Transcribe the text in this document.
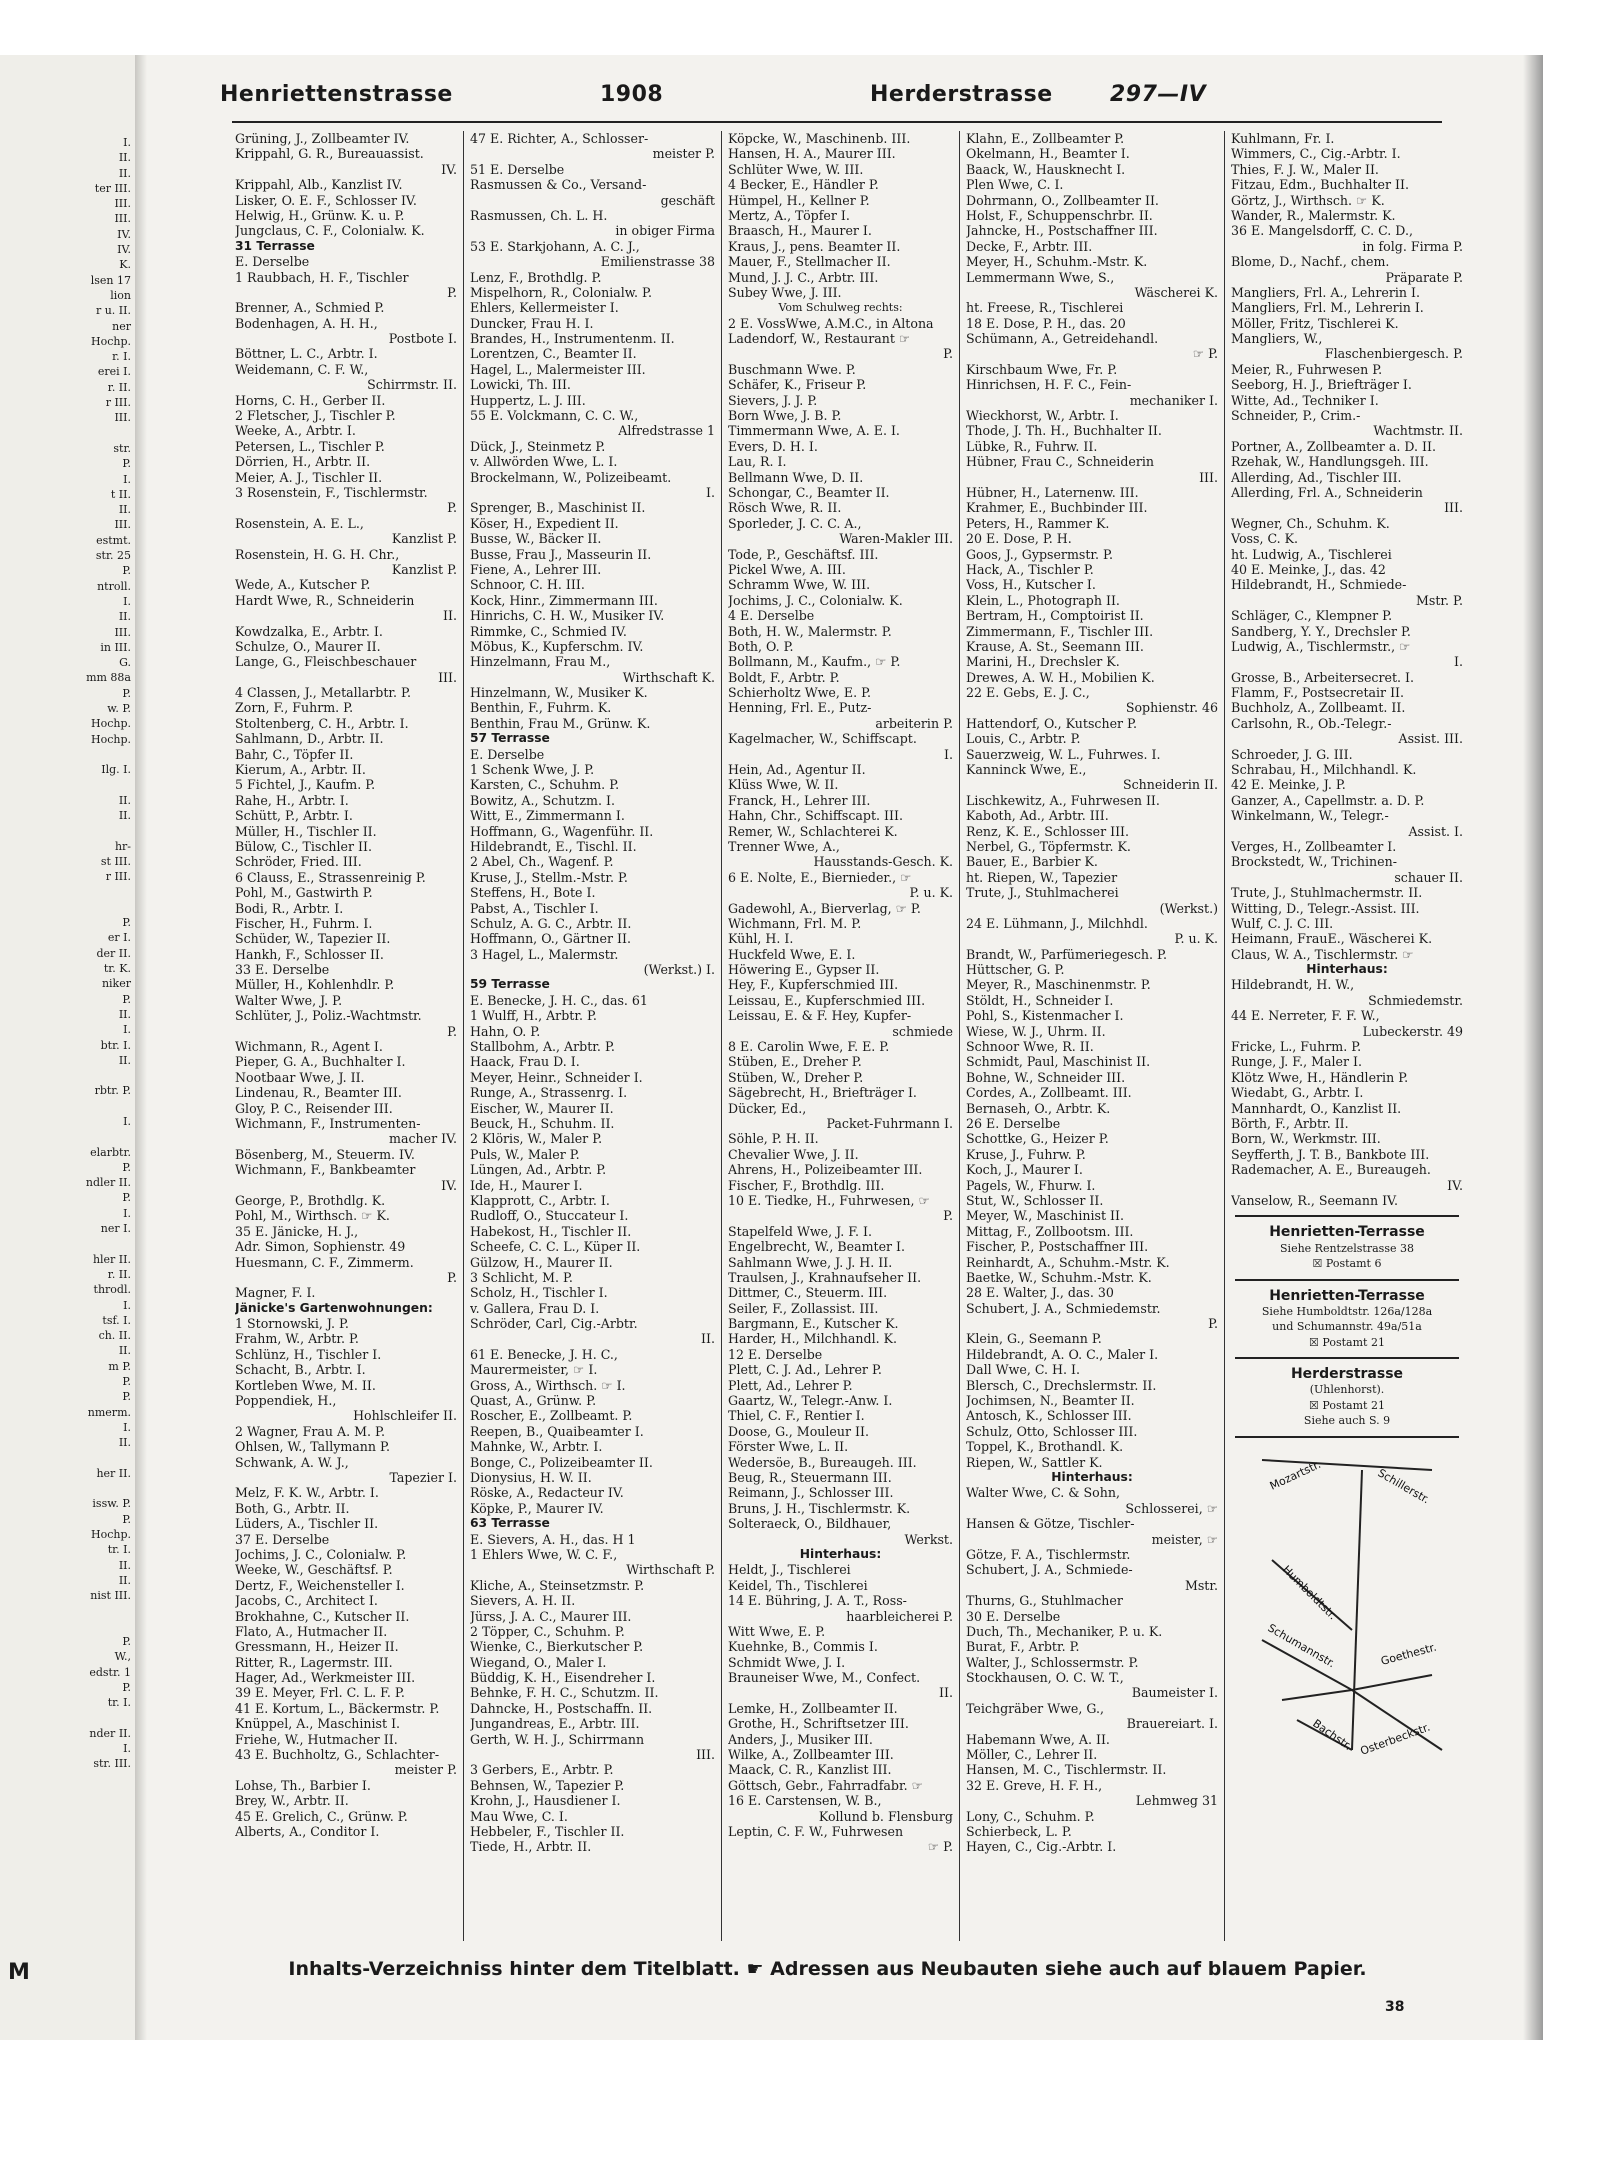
I.
II.
II.
ter III.
III.
III.
IV.
IV.
K.
lsen 17
lion
r u. II.
ner
Hochp.
r. I.
erei I.
r. II.
r III.
III.
str.
P.
I.
t II.
II.
III.
estmt.
str. 25
P.
ntroll.
I.
II.
III.
in III.
G.
mm 88a
P.
w. P.
Hochp.
Hochp.
Ilg. I.
II.
II.
hr-
st III.
r III.
P.
er I.
der II.
tr. K.
niker
P.
II.
I.
btr. I.
II.
rbtr. P.
I.
elarbtr.
P.
ndler II.
P.
I.
ner I.
hler II.
r. II.
throdl.
I.
tsf. I.
ch. II.
II.
m P.
P.
P.
nmerm.
I.
II.
her II.
issw. P.
P.
Hochp.
tr. I.
II.
II.
nist III.
P.
W.,
edstr. 1
P.
tr. I.
nder II.
I.
str. III.
Henriettenstrasse	1908	Herderstrasse	297—IV
Grüning, J., Zollbeamter IV.
Krippahl, G. R., Bureauassist.
IV.
Krippahl, Alb., Kanzlist IV.
Lisker, O. E. F., Schlosser IV.
Helwig, H., Grünw. K. u. P.
Jungclaus, C. F., Colonialw. K.
31 Terrasse
E. Derselbe
1 Raubbach, H. F., Tischler
P.
Brenner, A., Schmied P.
Bodenhagen, A. H. H.,
Postbote I.
Böttner, L. C., Arbtr. I.
Weidemann, C. F. W.,
Schirrmstr. II.
Horns, C. H., Gerber II.
2 Fletscher, J., Tischler P.
Weeke, A., Arbtr. I.
Petersen, L., Tischler P.
Dörrien, H., Arbtr. II.
Meier, A. J., Tischler II.
3 Rosenstein, F., Tischlermstr.
P.
Rosenstein, A. E. L.,
Kanzlist P.
Rosenstein, H. G. H. Chr.,
Kanzlist P.
Wede, A., Kutscher P.
Hardt Wwe, R., Schneiderin
II.
Kowdzalka, E., Arbtr. I.
Schulze, O., Maurer II.
Lange, G., Fleischbeschauer
III.
4 Classen, J., Metallarbtr. P.
Zorn, F., Fuhrm. P.
Stoltenberg, C. H., Arbtr. I.
Sahlmann, D., Arbtr. II.
Bahr, C., Töpfer II.
Kierum, A., Arbtr. II.
5 Fichtel, J., Kaufm. P.
Rahe, H., Arbtr. I.
Schütt, P., Arbtr. I.
Müller, H., Tischler II.
Bülow, C., Tischler II.
Schröder, Fried. III.
6 Clauss, E., Strassenreinig P.
Pohl, M., Gastwirth P.
Bodi, R., Arbtr. I.
Fischer, H., Fuhrm. I.
Schüder, W., Tapezier II.
Hankh, F., Schlosser II.
33 E. Derselbe
Müller, H., Kohlenhdlr. P.
Walter Wwe, J. P.
Schlüter, J., Poliz.-Wachtmstr.
P.
Wichmann, R., Agent I.
Pieper, G. A., Buchhalter I.
Nootbaar Wwe, J. II.
Lindenau, R., Beamter III.
Gloy, P. C., Reisender III.
Wichmann, F., Instrumenten-
macher IV.
Bösenberg, M., Steuerm. IV.
Wichmann, F., Bankbeamter
IV.
George, P., Brothdlg. K.
Pohl, M., Wirthsch. ☞ K.
35 E. Jänicke, H. J.,
Adr. Simon, Sophienstr. 49
Huesmann, C. F., Zimmerm.
P.
Magner, F. I.
Jänicke's Gartenwohnungen:
1 Stornowski, J. P.
Frahm, W., Arbtr. P.
Schlünz, H., Tischler I.
Schacht, B., Arbtr. I.
Kortleben Wwe, M. II.
Poppendiek, H.,
Hohlschleifer II.
2 Wagner, Frau A. M. P.
Ohlsen, W., Tallymann P.
Schwank, A. W. J.,
Tapezier I.
Melz, F. K. W., Arbtr. I.
Both, G., Arbtr. II.
Lüders, A., Tischler II.
37 E. Derselbe
Jochims, J. C., Colonialw. P.
Weeke, W., Geschäftsf. P.
Dertz, F., Weichensteller I.
Jacobs, C., Architect I.
Brokhahne, C., Kutscher II.
Flato, A., Hutmacher II.
Gressmann, H., Heizer II.
Ritter, R., Lagermstr. III.
Hager, Ad., Werkmeister III.
39 E. Meyer, Frl. C. L. F. P.
41 E. Kortum, L., Bäckermstr. P.
Knüppel, A., Maschinist I.
Friehe, W., Hutmacher II.
43 E. Buchholtz, G., Schlachter-
meister P.
Lohse, Th., Barbier I.
Brey, W., Arbtr. II.
45 E. Grelich, C., Grünw. P.
Alberts, A., Conditor I.
47 E. Richter, A., Schlosser-
meister P.
51 E. Derselbe
Rasmussen & Co., Versand-
geschäft
Rasmussen, Ch. L. H.
in obiger Firma
53 E. Starkjohann, A. C. J.,
Emilienstrasse 38
Lenz, F., Brothdlg. P.
Mispelhorn, R., Colonialw. P.
Ehlers, Kellermeister I.
Duncker, Frau H. I.
Brandes, H., Instrumentenm. II.
Lorentzen, C., Beamter II.
Hagel, L., Malermeister III.
Lowicki, Th. III.
Huppertz, L. J. III.
55 E. Volckmann, C. C. W.,
Alfredstrasse 1
Dück, J., Steinmetz P.
v. Allwörden Wwe, L. I.
Brockelmann, W., Polizeibeamt.
I.
Sprenger, B., Maschinist II.
Köser, H., Expedient II.
Busse, W., Bäcker II.
Busse, Frau J., Masseurin II.
Fiene, A., Lehrer III.
Schnoor, C. H. III.
Kock, Hinr., Zimmermann III.
Hinrichs, C. H. W., Musiker IV.
Rimmke, C., Schmied IV.
Möbus, K., Kupferschm. IV.
Hinzelmann, Frau M.,
Wirthschaft K.
Hinzelmann, W., Musiker K.
Benthin, F., Fuhrm. K.
Benthin, Frau M., Grünw. K.
57 Terrasse
E. Derselbe
1 Schenk Wwe, J. P.
Karsten, C., Schuhm. P.
Bowitz, A., Schutzm. I.
Witt, E., Zimmermann I.
Hoffmann, G., Wagenführ. II.
Hildebrandt, E., Tischl. II.
2 Abel, Ch., Wagenf. P.
Kruse, J., Stellm.-Mstr. P.
Steffens, H., Bote I.
Pabst, A., Tischler I.
Schulz, A. G. C., Arbtr. II.
Hoffmann, O., Gärtner II.
3 Hagel, L., Malermstr.
(Werkst.) I.
59 Terrasse
E. Benecke, J. H. C., das. 61
1 Wulff, H., Arbtr. P.
Hahn, O. P.
Stallbohm, A., Arbtr. P.
Haack, Frau D. I.
Meyer, Heinr., Schneider I.
Runge, A., Strassenrg. I.
Eischer, W., Maurer II.
Beuck, H., Schuhm. II.
2 Klöris, W., Maler P.
Puls, W., Maler P.
Lüngen, Ad., Arbtr. P.
Ide, H., Maurer I.
Klapprott, C., Arbtr. I.
Rudloff, O., Stuccateur I.
Habekost, H., Tischler II.
Scheefe, C. C. L., Küper II.
Gülzow, H., Maurer II.
3 Schlicht, M. P.
Scholz, H., Tischler I.
v. Gallera, Frau D. I.
Schröder, Carl, Cig.-Arbtr.
II.
61 E. Benecke, J. H. C.,
Maurermeister, ☞ I.
Gross, A., Wirthsch. ☞ I.
Quast, A., Grünw. P.
Roscher, E., Zollbeamt. P.
Reepen, B., Quaibeamter I.
Mahnke, W., Arbtr. I.
Bonge, C., Polizeibeamter II.
Dionysius, H. W. II.
Röske, A., Redacteur IV.
Köpke, P., Maurer IV.
63 Terrasse
E. Sievers, A. H., das. H 1
1 Ehlers Wwe, W. C. F.,
Wirthschaft P.
Kliche, A., Steinsetzmstr. P.
Sievers, A. H. II.
Jürss, J. A. C., Maurer III.
2 Töpper, C., Schuhm. P.
Wienke, C., Bierkutscher P.
Wiegand, O., Maler I.
Büddig, K. H., Eisendreher I.
Behnke, F. H. C., Schutzm. II.
Dahncke, H., Postschaffn. II.
Jungandreas, E., Arbtr. III.
Gerth, W. H. J., Schirrmann
III.
3 Gerbers, E., Arbtr. P.
Behnsen, W., Tapezier P.
Krohn, J., Hausdiener I.
Mau Wwe, C. I.
Hebbeler, F., Tischler II.
Tiede, H., Arbtr. II.
Köpcke, W., Maschinenb. III.
Hansen, H. A., Maurer III.
Schlüter Wwe, W. III.
4 Becker, E., Händler P.
Hümpel, H., Kellner P.
Mertz, A., Töpfer I.
Braasch, H., Maurer I.
Kraus, J., pens. Beamter II.
Mauer, F., Stellmacher II.
Mund, J. J. C., Arbtr. III.
Subey Wwe, J. III.
Vom Schulweg rechts:
2 E. VossWwe, A.M.C., in Altona
Ladendorf, W., Restaurant ☞
P.
Buschmann Wwe. P.
Schäfer, K., Friseur P.
Sievers, J. J. P.
Born Wwe, J. B. P.
Timmermann Wwe, A. E. I.
Evers, D. H. I.
Lau, R. I.
Bellmann Wwe, D. II.
Schongar, C., Beamter II.
Rösch Wwe, R. II.
Sporleder, J. C. C. A.,
Waren-Makler III.
Tode, P., Geschäftsf. III.
Pickel Wwe, A. III.
Schramm Wwe, W. III.
Jochims, J. C., Colonialw. K.
4 E. Derselbe
Both, H. W., Malermstr. P.
Both, O. P.
Bollmann, M., Kaufm., ☞ P.
Boldt, F., Arbtr. P.
Schierholtz Wwe, E. P.
Henning, Frl. E., Putz-
arbeiterin P.
Kagelmacher, W., Schiffscapt.
I.
Hein, Ad., Agentur II.
Klüss Wwe, W. II.
Franck, H., Lehrer III.
Hahn, Chr., Schiffscapt. III.
Remer, W., Schlachterei K.
Trenner Wwe, A.,
Hausstands-Gesch. K.
6 E. Nolte, E., Biernieder., ☞
P. u. K.
Gadewohl, A., Bierverlag, ☞ P.
Wichmann, Frl. M. P.
Kühl, H. I.
Huckfeld Wwe, E. I.
Höwering E., Gypser II.
Hey, F., Kupferschmied III.
Leissau, E., Kupferschmied III.
Leissau, E. & F. Hey, Kupfer-
schmiede
8 E. Carolin Wwe, F. E. P.
Stüben, E., Dreher P.
Stüben, W., Dreher P.
Sägebrecht, H., Briefträger I.
Dücker, Ed.,
Packet-Fuhrmann I.
Söhle, P. H. II.
Chevalier Wwe, J. II.
Ahrens, H., Polizeibeamter III.
Fischer, F., Brothdlg. III.
10 E. Tiedke, H., Fuhrwesen, ☞
P.
Stapelfeld Wwe, J. F. I.
Engelbrecht, W., Beamter I.
Sahlmann Wwe, J. J. H. II.
Traulsen, J., Krahnaufseher II.
Dittmer, C., Steuerm. III.
Seiler, F., Zollassist. III.
Bargmann, E., Kutscher K.
Harder, H., Milchhandl. K.
12 E. Derselbe
Plett, C. J. Ad., Lehrer P.
Plett, Ad., Lehrer P.
Gaartz, W., Telegr.-Anw. I.
Thiel, C. F., Rentier I.
Doose, G., Mouleur II.
Förster Wwe, L. II.
Wedersöe, B., Bureaugeh. III.
Beug, R., Steuermann III.
Reimann, J., Schlosser III.
Bruns, J. H., Tischlermstr. K.
Solteraeck, O., Bildhauer,
Werkst.
Hinterhaus:
Heldt, J., Tischlerei
Keidel, Th., Tischlerei
14 E. Bühring, J. A. T., Ross-
haarbleicherei P.
Witt Wwe, E. P.
Kuehnke, B., Commis I.
Schmidt Wwe, J. I.
Brauneiser Wwe, M., Confect.
II.
Lemke, H., Zollbeamter II.
Grothe, H., Schriftsetzer III.
Anders, J., Musiker III.
Wilke, A., Zollbeamter III.
Maack, C. R., Kanzlist III.
Göttsch, Gebr., Fahrradfabr. ☞
16 E. Carstensen, W. B.,
Kollund b. Flensburg
Leptin, C. F. W., Fuhrwesen
☞ P.
Klahn, E., Zollbeamter P.
Okelmann, H., Beamter I.
Baack, W., Hausknecht I.
Plen Wwe, C. I.
Dohrmann, O., Zollbeamter II.
Holst, F., Schuppenschrbr. II.
Jahncke, H., Postschaffner III.
Decke, F., Arbtr. III.
Meyer, H., Schuhm.-Mstr. K.
Lemmermann Wwe, S.,
Wäscherei K.
ht. Freese, R., Tischlerei
18 E. Dose, P. H., das. 20
Schümann, A., Getreidehandl.
☞ P.
Kirschbaum Wwe, Fr. P.
Hinrichsen, H. F. C., Fein-
mechaniker I.
Wieckhorst, W., Arbtr. I.
Thode, J. Th. H., Buchhalter II.
Lübke, R., Fuhrw. II.
Hübner, Frau C., Schneiderin
III.
Hübner, H., Laternenw. III.
Krahmer, E., Buchbinder III.
Peters, H., Rammer K.
20 E. Dose, P. H.
Goos, J., Gypsermstr. P.
Hack, A., Tischler P.
Voss, H., Kutscher I.
Klein, L., Photograph II.
Bertram, H., Comptoirist II.
Zimmermann, F., Tischler III.
Krause, A. St., Seemann III.
Marini, H., Drechsler K.
Drewes, A. W. H., Mobilien K.
22 E. Gebs, E. J. C.,
Sophienstr. 46
Hattendorf, O., Kutscher P.
Louis, C., Arbtr. P.
Sauerzweig, W. L., Fuhrwes. I.
Kanninck Wwe, E.,
Schneiderin II.
Lischkewitz, A., Fuhrwesen II.
Kaboth, Ad., Arbtr. III.
Renz, K. E., Schlosser III.
Nerbel, G., Töpfermstr. K.
Bauer, E., Barbier K.
ht. Riepen, W., Tapezier
Trute, J., Stuhlmacherei
(Werkst.)
24 E. Lühmann, J., Milchhdl.
P. u. K.
Brandt, W., Parfümeriegesch. P.
Hüttscher, G. P.
Meyer, R., Maschinenmstr. P.
Stöldt, H., Schneider I.
Pohl, S., Kistenmacher I.
Wiese, W. J., Uhrm. II.
Schnoor Wwe, R. II.
Schmidt, Paul, Maschinist II.
Bohne, W., Schneider III.
Cordes, A., Zollbeamt. III.
Bernaseh, O., Arbtr. K.
26 E. Derselbe
Schottke, G., Heizer P.
Kruse, J., Fuhrw. P.
Koch, J., Maurer I.
Pagels, W., Fhurw. I.
Stut, W., Schlosser II.
Meyer, W., Maschinist II.
Mittag, F., Zollbootsm. III.
Fischer, P., Postschaffner III.
Reinhardt, A., Schuhm.-Mstr. K.
Baetke, W., Schuhm.-Mstr. K.
28 E. Walter, J., das. 30
Schubert, J. A., Schmiedemstr.
P.
Klein, G., Seemann P.
Hildebrandt, A. O. C., Maler I.
Dall Wwe, C. H. I.
Blersch, C., Drechslermstr. II.
Jochimsen, N., Beamter II.
Antosch, K., Schlosser III.
Schulz, Otto, Schlosser III.
Toppel, K., Brothandl. K.
Riepen, W., Sattler K.
Hinterhaus:
Walter Wwe, C. & Sohn,
Schlosserei, ☞
Hansen & Götze, Tischler-
meister, ☞
Götze, F. A., Tischlermstr.
Schubert, J. A., Schmiede-
Mstr.
Thurns, G., Stuhlmacher
30 E. Derselbe
Duch, Th., Mechaniker, P. u. K.
Burat, F., Arbtr. P.
Walter, J., Schlossermstr. P.
Stockhausen, O. C. W. T.,
Baumeister I.
Teichgräber Wwe, G.,
Brauereiart. I.
Habemann Wwe, A. II.
Möller, C., Lehrer II.
Hansen, M. C., Tischlermstr. II.
32 E. Greve, H. F. H.,
Lehmweg 31
Lony, C., Schuhm. P.
Schierbeck, L. P.
Hayen, C., Cig.-Arbtr. I.
Kuhlmann, Fr. I.
Wimmers, C., Cig.-Arbtr. I.
Thies, F. J. W., Maler II.
Fitzau, Edm., Buchhalter II.
Görtz, J., Wirthsch. ☞ K.
Wander, R., Malermstr. K.
36 E. Mangelsdorff, C. C. D.,
in folg. Firma P.
Blome, D., Nachf., chem.
Präparate P.
Mangliers, Frl. A., Lehrerin I.
Mangliers, Frl. M., Lehrerin I.
Möller, Fritz, Tischlerei K.
Mangliers, W.,
Flaschenbiergesch. P.
Meier, R., Fuhrwesen P.
Seeborg, H. J., Briefträger I.
Witte, Ad., Techniker I.
Schneider, P., Crim.-
Wachtmstr. II.
Portner, A., Zollbeamter a. D. II.
Rzehak, W., Handlungsgeh. III.
Allerding, Ad., Tischler III.
Allerding, Frl. A., Schneiderin
III.
Wegner, Ch., Schuhm. K.
Voss, C. K.
ht. Ludwig, A., Tischlerei
40 E. Meinke, J., das. 42
Hildebrandt, H., Schmiede-
Mstr. P.
Schläger, C., Klempner P.
Sandberg, Y. Y., Drechsler P.
Ludwig, A., Tischlermstr., ☞
I.
Grosse, B., Arbeitersecret. I.
Flamm, F., Postsecretair II.
Buchholz, A., Zollbeamt. II.
Carlsohn, R., Ob.-Telegr.-
Assist. III.
Schroeder, J. G. III.
Schrabau, H., Milchhandl. K.
42 E. Meinke, J. P.
Ganzer, A., Capellmstr. a. D. P.
Winkelmann, W., Telegr.-
Assist. I.
Verges, H., Zollbeamter I.
Brockstedt, W., Trichinen-
schauer II.
Trute, J., Stuhlmachermstr. II.
Witting, D., Telegr.-Assist. III.
Wulf, C. J. C. III.
Heimann, FrauE., Wäscherei K.
Claus, W. A., Tischlermstr. ☞
Hinterhaus:
Hildebrandt, H. W.,
Schmiedemstr.
44 E. Nerreter, F. F. W.,
Lubeckerstr. 49
Fricke, L., Fuhrm. P.
Runge, J. F., Maler I.
Klötz Wwe, H., Händlerin P.
Wiedabt, G., Arbtr. I.
Mannhardt, O., Kanzlist II.
Börth, F., Arbtr. II.
Born, W., Werkmstr. III.
Seyfferth, J. T. B., Bankbote III.
Rademacher, A. E., Bureaugeh.
IV.
Vanselow, R., Seemann IV.
Henrietten-Terrasse
Siehe Rentzelstrasse 38
☒ Postamt 6
Henrietten-Terrasse
Siehe Humboldtstr. 126a/128a
und Schumannstr. 49a/51a
☒ Postamt 21
Herderstrasse
(Uhlenhorst).
☒ Postamt 21
Siehe auch S. 9
Mozartstr.	Schillerstr.
Humboldtstr.
Schumannstr.	Goethestr.
Bachstr. Osterbeckstr.
M	Inhalts-Verzeichniss hinter dem Titelblatt. ☛ Adressen aus Neubauten siehe auch auf blauem Papier.
38
